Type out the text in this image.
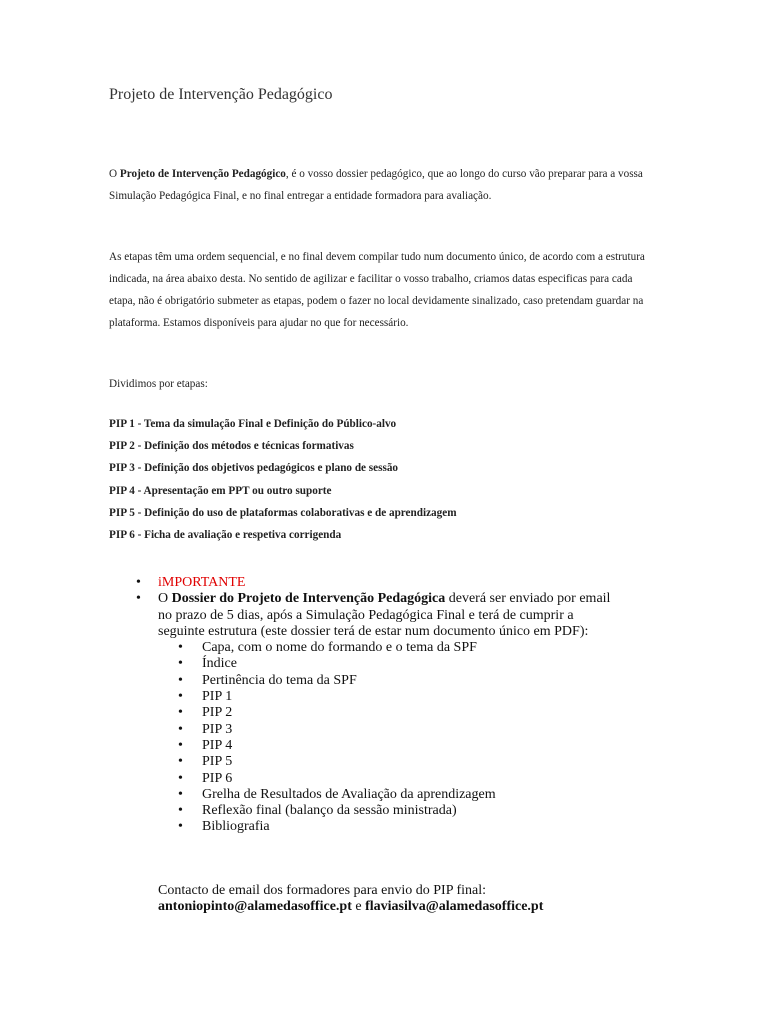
Projeto de Intervenção Pedagógico
O Projeto de Intervenção Pedagógico, é o vosso dossier pedagógico, que ao longo do curso vão preparar para a vossa Simulação Pedagógica Final, e no final entregar a entidade formadora para avaliação.
As etapas têm uma ordem sequencial, e no final devem compilar tudo num documento único, de acordo com a estrutura indicada, na área abaixo desta. No sentido de agilizar e facilitar o vosso trabalho, criamos datas especificas para cada etapa, não é obrigatório submeter as etapas, podem o fazer no local devidamente sinalizado, caso pretendam guardar na plataforma. Estamos disponíveis para ajudar no que for necessário.
Dividimos por etapas:
PIP 1 - Tema da simulação Final e Definição do Público-alvo
PIP 2 - Definição dos métodos e técnicas formativas
PIP 3 - Definição dos objetivos pedagógicos e plano de sessão
PIP 4 - Apresentação em PPT ou outro suporte
PIP 5 - Definição do uso de plataformas colaborativas e de aprendizagem
PIP 6 - Ficha de avaliação e respetiva corrigenda
• iMPORTANTE
• O Dossier do Projeto de Intervenção Pedagógica deverá ser enviado por email no prazo de 5 dias, após a Simulação Pedagógica Final e terá de cumprir a seguinte estrutura (este dossier terá de estar num documento único em PDF):
• Capa, com o nome do formando e o tema da SPF
• Índice
• Pertinência do tema da SPF
• PIP 1
• PIP 2
• PIP 3
• PIP 4
• PIP 5
• PIP 6
• Grelha de Resultados de Avaliação da aprendizagem
• Reflexão final (balanço da sessão ministrada)
• Bibliografia
Contacto de email dos formadores para envio do PIP final: antoniopinto@alamedasoffice.pt e flaviasilva@alamedasoffice.pt
